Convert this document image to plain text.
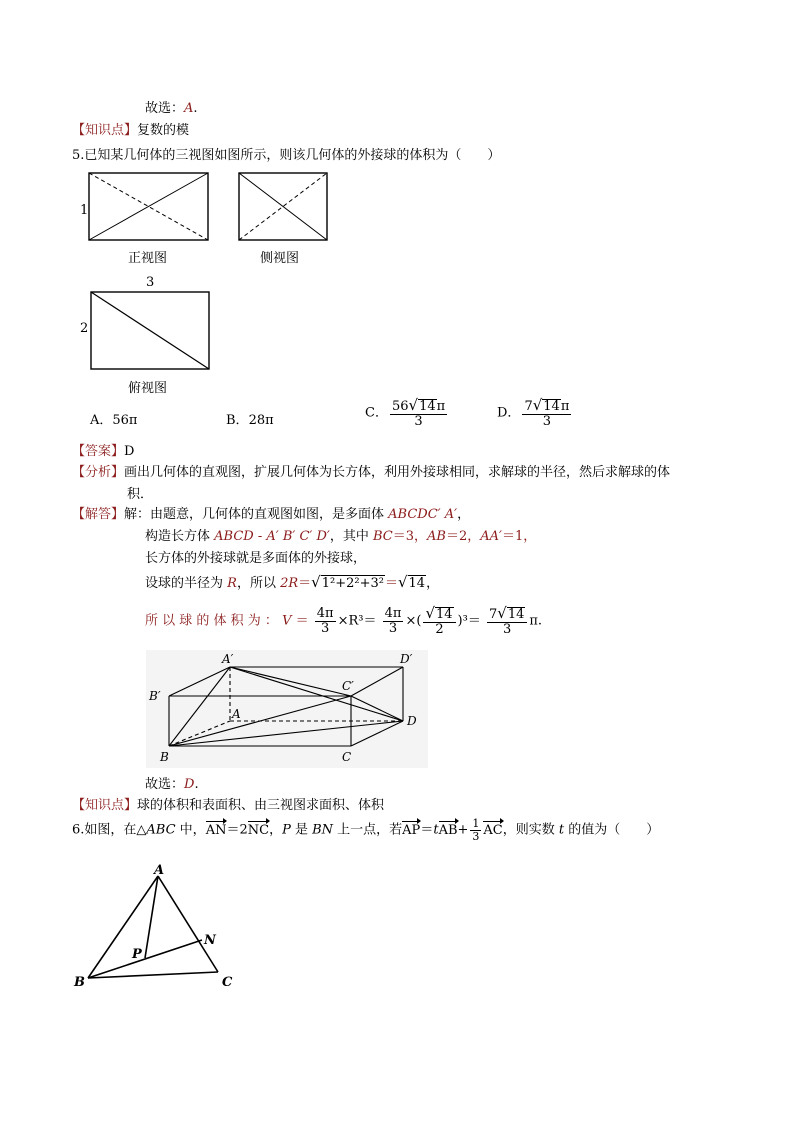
故选：A.
【知识点】复数的模
5.已知某几何体的三视图如图所示，则该几何体的外接球的体积为（　　）
1
正视图	侧视图
3
2
俯视图
A．56π	B．28π	C． $\frac{56√14\pi}{3}$	D． $\frac{7√14\pi}{3}$
【答案】D
【分析】画出几何体的直观图，扩展几何体为长方体，利用外接球相同，求解球的半径，然后求解球的体
积．
【解答】解：由题意，几何体的直观图如图，是多面体 ABCDC′ A′，
构造长方体 ABCD - A′ B′ C′ D′，其中 BC＝3，AB＝2，AA′＝1，
长方体的外接球就是多面体的外接球，
设球的半径为 R，所以 2R＝√1²+2²+3²＝√14，
所 以 球 的 体 积 为 ： $V = \frac{4\pi}{3} \times R^3= \frac{4\pi}{3}$ ×( $\frac{√14}{2} )^3= \frac{7√14}{3} \pi$.
A′	D′
B′
C′
A	D
B	C
故选：D.
【知识点】球的体积和表面积、由三视图求面积、体积
6.如图，在△ABC 中，AN＝2NC，P 是 BN 上一点，若$AP=tAB+ \frac{1}{3}$ AC，则实数 t 的值为（　　）
A
B	C
N
P
